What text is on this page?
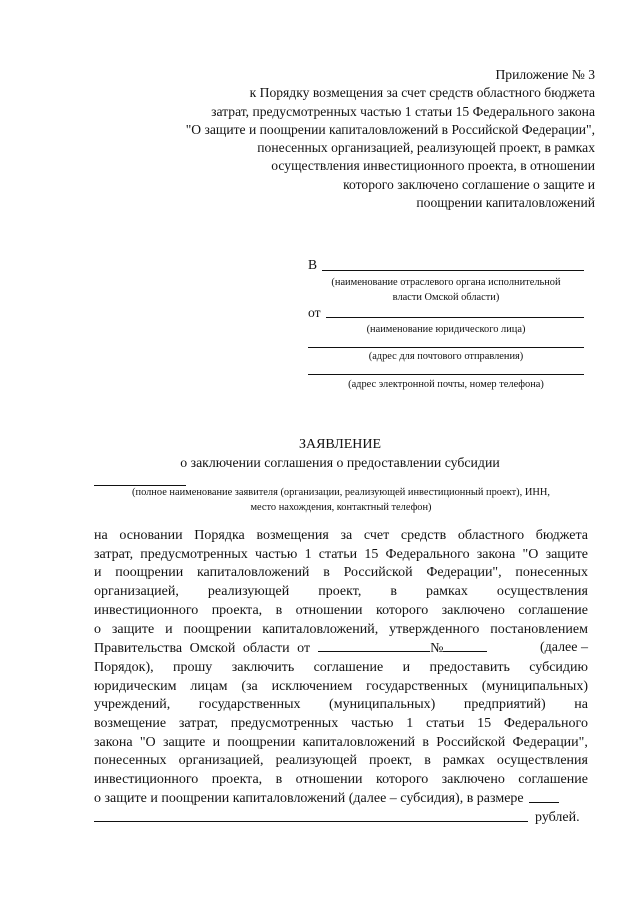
Приложение № 3
к Порядку возмещения за счет средств областного бюджета
затрат, предусмотренных частью 1 статьи 15 Федерального закона
"О защите и поощрении капиталовложений в Российской Федерации",
понесенных организацией, реализующей проект, в рамках
осуществления инвестиционного проекта, в отношении
которого заключено соглашение о защите и
поощрении капиталовложений
В
(наименование отраслевого органа исполнительной
власти Омской области)
от
(наименование юридического лица)
(адрес для почтового отправления)
(адрес электронной почты, номер телефона)
ЗАЯВЛЕНИЕ
о заключении соглашения о предоставлении субсидии
(полное наименование заявителя (организации, реализующей инвестиционный проект), ИНН,
место нахождения, контактный телефон)
на основании Порядка возмещения за счет средств областного бюджета
затрат, предусмотренных частью 1 статьи 15 Федерального закона "О защите
и поощрении капиталовложений в Российской Федерации", понесенных
организацией, реализующей проект, в рамках осуществления
инвестиционного проекта, в отношении которого заключено соглашение
о защите и поощрении капиталовложений, утвержденного постановлением
Правительства Омской области от	№	(далее –
Порядок), прошу заключить соглашение и предоставить субсидию
юридическим лицам (за исключением государственных (муниципальных)
учреждений, государственных (муниципальных) предприятий) на
возмещение затрат, предусмотренных частью 1 статьи 15 Федерального
закона "О защите и поощрении капиталовложений в Российской Федерации",
понесенных организацией, реализующей проект, в рамках осуществления
инвестиционного проекта, в отношении которого заключено соглашение
о защите и поощрении капиталовложений (далее – субсидия), в размере
рублей.
